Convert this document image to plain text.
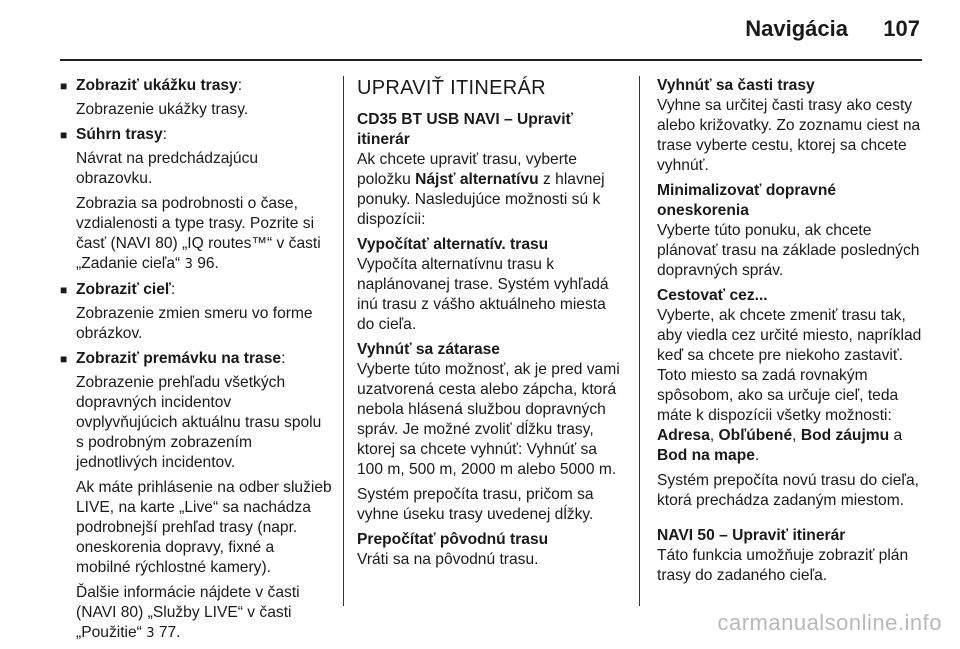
Navigácia 107
■ Zobraziť ukážku trasy:
Zobrazenie ukážky trasy.
■ Súhrn trasy:
Návrat na predchádzajúcu obrazovku.
Zobrazia sa podrobnosti o čase, vzdialenosti a type trasy. Pozrite si časť (NAVI 80) „IQ routes™“ v časti „Zadanie cieľa“ 3 96.
■ Zobraziť cieľ:
Zobrazenie zmien smeru vo forme obrázkov.
■ Zobraziť premávku na trase:
Zobrazenie prehľadu všetkých dopravných incidentov ovplyvňujúcich aktuálnu trasu spolu s podrobným zobrazením jednotlivých incidentov.
Ak máte prihlásenie na odber služieb LIVE, na karte „Live“ sa nachádza podrobnejší prehľad trasy (napr. oneskorenia dopravy, fixné a mobilné rýchlostné kamery).
Ďalšie informácie nájdete v časti (NAVI 80) „Služby LIVE“ v časti „Použitie“ 3 77.
UPRAVIŤ ITINERÁR
CD35 BT USB NAVI – Upraviť itinerár
Ak chcete upraviť trasu, vyberte položku Nájsť alternatívu z hlavnej ponuky. Nasledujúce možnosti sú k dispozícii:
Vypočítať alternatív. trasu
Vypočíta alternatívnu trasu k naplánovanej trase. Systém vyhľadá inú trasu z vášho aktuálneho miesta do cieľa.
Vyhnúť sa zátarase
Vyberte túto možnosť, ak je pred vami uzatvorená cesta alebo zápcha, ktorá nebola hlásená službou dopravných správ. Je možné zvoliť dĺžku trasy, ktorej sa chcete vyhnúť: Vyhnúť sa 100 m, 500 m, 2000 m alebo 5000 m.
Systém prepočíta trasu, pričom sa vyhne úseku trasy uvedenej dĺžky.
Prepočítať pôvodnú trasu
Vráti sa na pôvodnú trasu.
Vyhnúť sa časti trasy
Vyhne sa určitej časti trasy ako cesty alebo križovatky. Zo zoznamu ciest na trase vyberte cestu, ktorej sa chcete vyhnúť.
Minimalizovať dopravné oneskorenia
Vyberte túto ponuku, ak chcete plánovať trasu na základe posledných dopravných správ.
Cestovať cez...
Vyberte, ak chcete zmeniť trasu tak, aby viedla cez určité miesto, napríklad keď sa chcete pre niekoho zastaviť. Toto miesto sa zadá rovnakým spôsobom, ako sa určuje cieľ, teda máte k dispozícii všetky možnosti: Adresa, Obľúbené, Bod záujmu a Bod na mape.
Systém prepočíta novú trasu do cieľa, ktorá prechádza zadaným miestom.
NAVI 50 – Upraviť itinerár
Táto funkcia umožňuje zobraziť plán trasy do zadaného cieľa.
carmanualsonline.info
